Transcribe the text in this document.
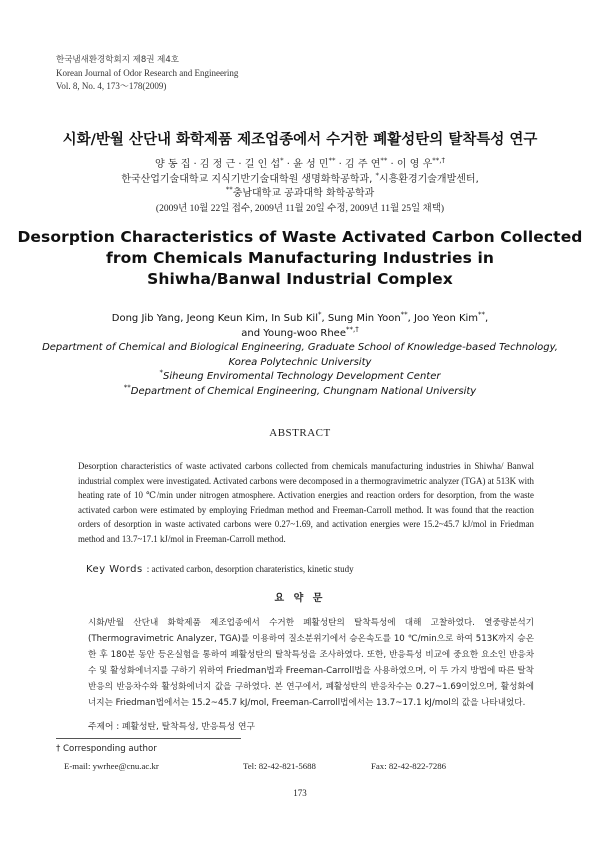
한국냄새환경학회지 제8권 제4호
Korean Journal of Odor Research and Engineering
Vol. 8, No. 4, 173～178(2009)
시화/반월 산단내 화학제품 제조업종에서 수거한 폐활성탄의 탈착특성 연구
양 동 집 · 김 정 근 · 길 인 섭* · 윤 성 민** · 김 주 연** · 이 영 우**,†
한국산업기술대학교 지식기반기술대학원 생명화학공학과, *시흥환경기술개발센터,
**충남대학교 공과대학 화학공학과
(2009년 10월 22일 접수, 2009년 11월 20일 수정, 2009년 11월 25일 채택)
Desorption Characteristics of Waste Activated Carbon Collected
from Chemicals Manufacturing Industries in
Shiwha/Banwal Industrial Complex
Dong Jib Yang, Jeong Keun Kim, In Sub Kil*, Sung Min Yoon**, Joo Yeon Kim**,
and Young-woo Rhee**,†
Department of Chemical and Biological Engineering, Graduate School of Knowledge-based Technology,
Korea Polytechnic University
*Siheung Enviromental Technology Development Center
**Department of Chemical Engineering, Chungnam National University
ABSTRACT
Desorption characteristics of waste activated carbons collected from chemicals manufacturing industries in Shiwha/ Banwal industrial complex were investigated. Activated carbons were decomposed in a thermogravimetric analyzer (TGA) at 513K with heating rate of 10 ℃/min under nitrogen atmosphere. Activation energies and reaction orders for desorption, from the waste activated carbon were estimated by employing Friedman method and Freeman-Carroll method. It was found that the reaction orders of desorption in waste activated carbons were 0.27~1.69, and activation energies were 15.2~45.7 kJ/mol in Friedman method and 13.7~17.1 kJ/mol in Freeman-Carroll method.
Key Words : activated carbon, desorption charateristics, kinetic study
요 약 문
시화/반월 산단내 화학제품 제조업종에서 수거한 폐활성탄의 탈착특성에 대해 고찰하였다. 열중량분석기(Thermogravimetric Analyzer, TGA)를 이용하여 질소분위기에서 승온속도를 10 ℃/min으로 하여 513K까지 승온한 후 180분 동안 등온실험을 통하여 폐활성탄의 탈착특성을 조사하였다. 또한, 반응특성 비교에 중요한 요소인 반응차수 및 활성화에너지를 구하기 위하여 Friedman법과 Freeman-Carroll법을 사용하였으며, 이 두 가지 방법에 따른 탈착 반응의 반응차수와 활성화에너지 값을 구하였다. 본 연구에서, 폐활성탄의 반응차수는 0.27~1.69이었으며, 활성화에너지는 Friedman법에서는 15.2~45.7 kJ/mol, Freeman-Carroll법에서는 13.7~17.1 kJ/mol의 값을 나타내었다.
주제어 : 폐활성탄, 탈착특성, 반응특성 연구
† Corresponding author
E-mail: ywrhee@cnu.ac.kr	Tel: 82-42-821-5688	Fax: 82-42-822-7286
173
